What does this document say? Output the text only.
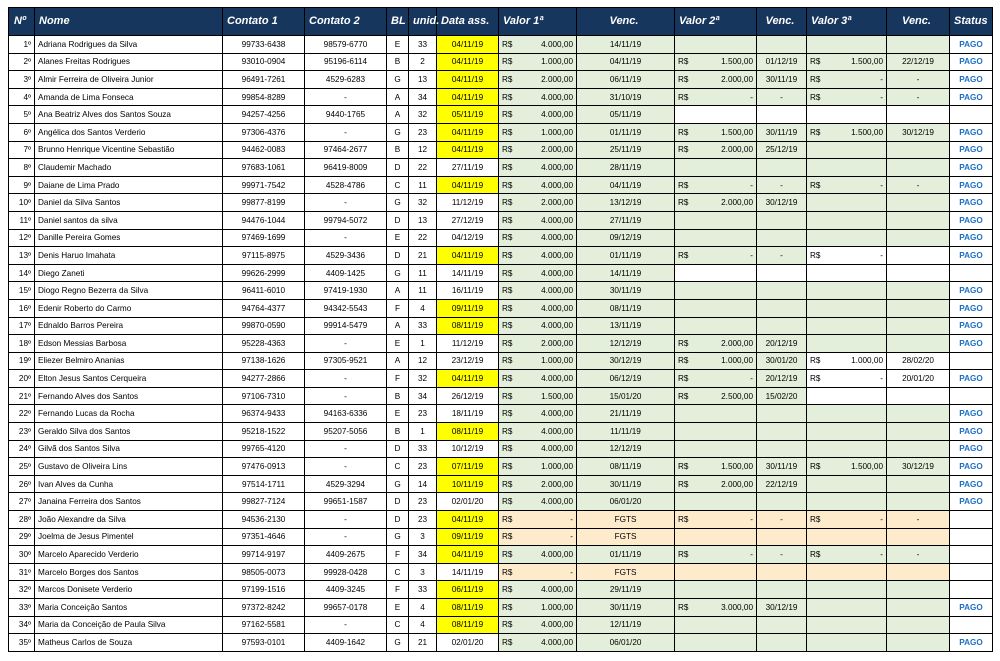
Nº	Nome	Contato 1	Contato 2	BL	unid.	Data ass.	Valor 1ª	Venc.	Valor 2ª	Venc.	Valor 3ª	Venc.	Status
1º	Adriana Rodrigues da Silva	99733-6438	98579-6770	E	33	04/11/19	R$ 4.000,00	14/11/19					PAGO
2º	Alanes Freitas Rodrigues	93010-0904	95196-6114	B	2	04/11/19	R$ 1.000,00	04/11/19	R$ 1.500,00	01/12/19	R$ 1.500,00	22/12/19	PAGO
3º	Almir Ferreira de Oliveira Junior	96491-7261	4529-6283	G	13	04/11/19	R$ 2.000,00	06/11/19	R$ 2.000,00	30/11/19	R$ -	-	PAGO
4º	Amanda de Lima Fonseca	99854-8289	-	A	34	04/11/19	R$ 4.000,00	31/10/19	R$ -	-	R$ -	-	PAGO
5º	Ana Beatriz Alves dos Santos Souza	94257-4256	9440-1765	A	32	05/11/19	R$ 4.000,00	05/11/19					
6º	Angélica dos Santos Verderio	97306-4376	-	G	23	04/11/19	R$ 1.000,00	01/11/19	R$ 1.500,00	30/11/19	R$ 1.500,00	30/12/19	PAGO
7º	Brunno Henrique Vicentine Sebastião	94462-0083	97464-2677	B	12	04/11/19	R$ 2.000,00	25/11/19	R$ 2.000,00	25/12/19			PAGO
8º	Claudemir Machado	97683-1061	96419-8009	D	22	27/11/19	R$ 4.000,00	28/11/19					PAGO
9º	Daiane de Lima Prado	99971-7542	4528-4786	C	11	04/11/19	R$ 4.000,00	04/11/19	R$ -	-	R$ -	-	PAGO
10º	Daniel da Silva Santos	99877-8199	-	G	32	11/12/19	R$ 2.000,00	13/12/19	R$ 2.000,00	30/12/19			PAGO
11º	Daniel santos da silva	94476-1044	99794-5072	D	13	27/12/19	R$ 4.000,00	27/11/19					PAGO
12º	Danille Pereira Gomes	97469-1699	-	E	22	04/12/19	R$ 4.000,00	09/12/19					PAGO
13º	Denis Haruo Imahata	97115-8975	4529-3436	D	21	04/11/19	R$ 4.000,00	01/11/19	R$ -	-	R$ -		PAGO
14º	Diego Zaneti	99626-2999	4409-1425	G	11	14/11/19	R$ 4.000,00	14/11/19					
15º	Diogo Regno Bezerra da Silva	96411-6010	97419-1930	A	11	16/11/19	R$ 4.000,00	30/11/19					PAGO
16º	Edenir Roberto do Carmo	94764-4377	94342-5543	F	4	09/11/19	R$ 4.000,00	08/11/19					PAGO
17º	Ednaldo Barros Pereira	99870-0590	99914-5479	A	33	08/11/19	R$ 4.000,00	13/11/19					PAGO
18º	Edson Messias Barbosa	95228-4363	-	E	1	11/12/19	R$ 2.000,00	12/12/19	R$ 2.000,00	20/12/19			PAGO
19º	Eliezer Belmiro Ananias	97138-1626	97305-9521	A	12	23/12/19	R$ 1.000,00	30/12/19	R$ 1.000,00	30/01/20	R$ 1.000,00	28/02/20	
20º	Elton Jesus Santos Cerqueira	94277-2866	-	F	32	04/11/19	R$ 4.000,00	06/12/19	R$ -	20/12/19	R$ -	20/01/20	PAGO
21º	Fernando Alves dos Santos	97106-7310	-	B	34	26/12/19	R$ 1.500,00	15/01/20	R$ 2.500,00	15/02/20			
22º	Fernando Lucas da Rocha	96374-9433	94163-6336	E	23	18/11/19	R$ 4.000,00	21/11/19					PAGO
23º	Geraldo Silva dos Santos	95218-1522	95207-5056	B	1	08/11/19	R$ 4.000,00	11/11/19					PAGO
24º	Gilvã dos Santos Silva	99765-4120	-	D	33	10/12/19	R$ 4.000,00	12/12/19					PAGO
25º	Gustavo de Oliveira Lins	97476-0913	-	C	23	07/11/19	R$ 1.000,00	08/11/19	R$ 1.500,00	30/11/19	R$ 1.500,00	30/12/19	PAGO
26º	Ivan Alves da Cunha	97514-1711	4529-3294	G	14	10/11/19	R$ 2.000,00	30/11/19	R$ 2.000,00	22/12/19			PAGO
27º	Janaina Ferreira dos Santos	99827-7124	99651-1587	D	23	02/01/20	R$ 4.000,00	06/01/20					PAGO
28º	João Alexandre da Silva	94536-2130	-	D	23	04/11/19	R$ -	FGTS	R$ -	-	R$ -	-	
29º	Joelma de Jesus Pimentel	97351-4646	-	G	3	09/11/19	R$ -	FGTS					
30º	Marcelo Aparecido Verderio	99714-9197	4409-2675	F	34	04/11/19	R$ 4.000,00	01/11/19	R$ -	-	R$ -	-	
31º	Marcelo Borges dos Santos	98505-0073	99928-0428	C	3	14/11/19	R$ -	FGTS					
32º	Marcos Donisete Verderio	97199-1516	4409-3245	F	33	06/11/19	R$ 4.000,00	29/11/19					
33º	Maria Conceição Santos	97372-8242	99657-0178	E	4	08/11/19	R$ 1.000,00	30/11/19	R$ 3.000,00	30/12/19			PAGO
34º	Maria da Conceição de Paula Silva	97162-5581	-	C	4	08/11/19	R$ 4.000,00	12/11/19					
35º	Matheus Carlos de Souza	97593-0101	4409-1642	G	21	02/01/20	R$ 4.000,00	06/01/20					PAGO
